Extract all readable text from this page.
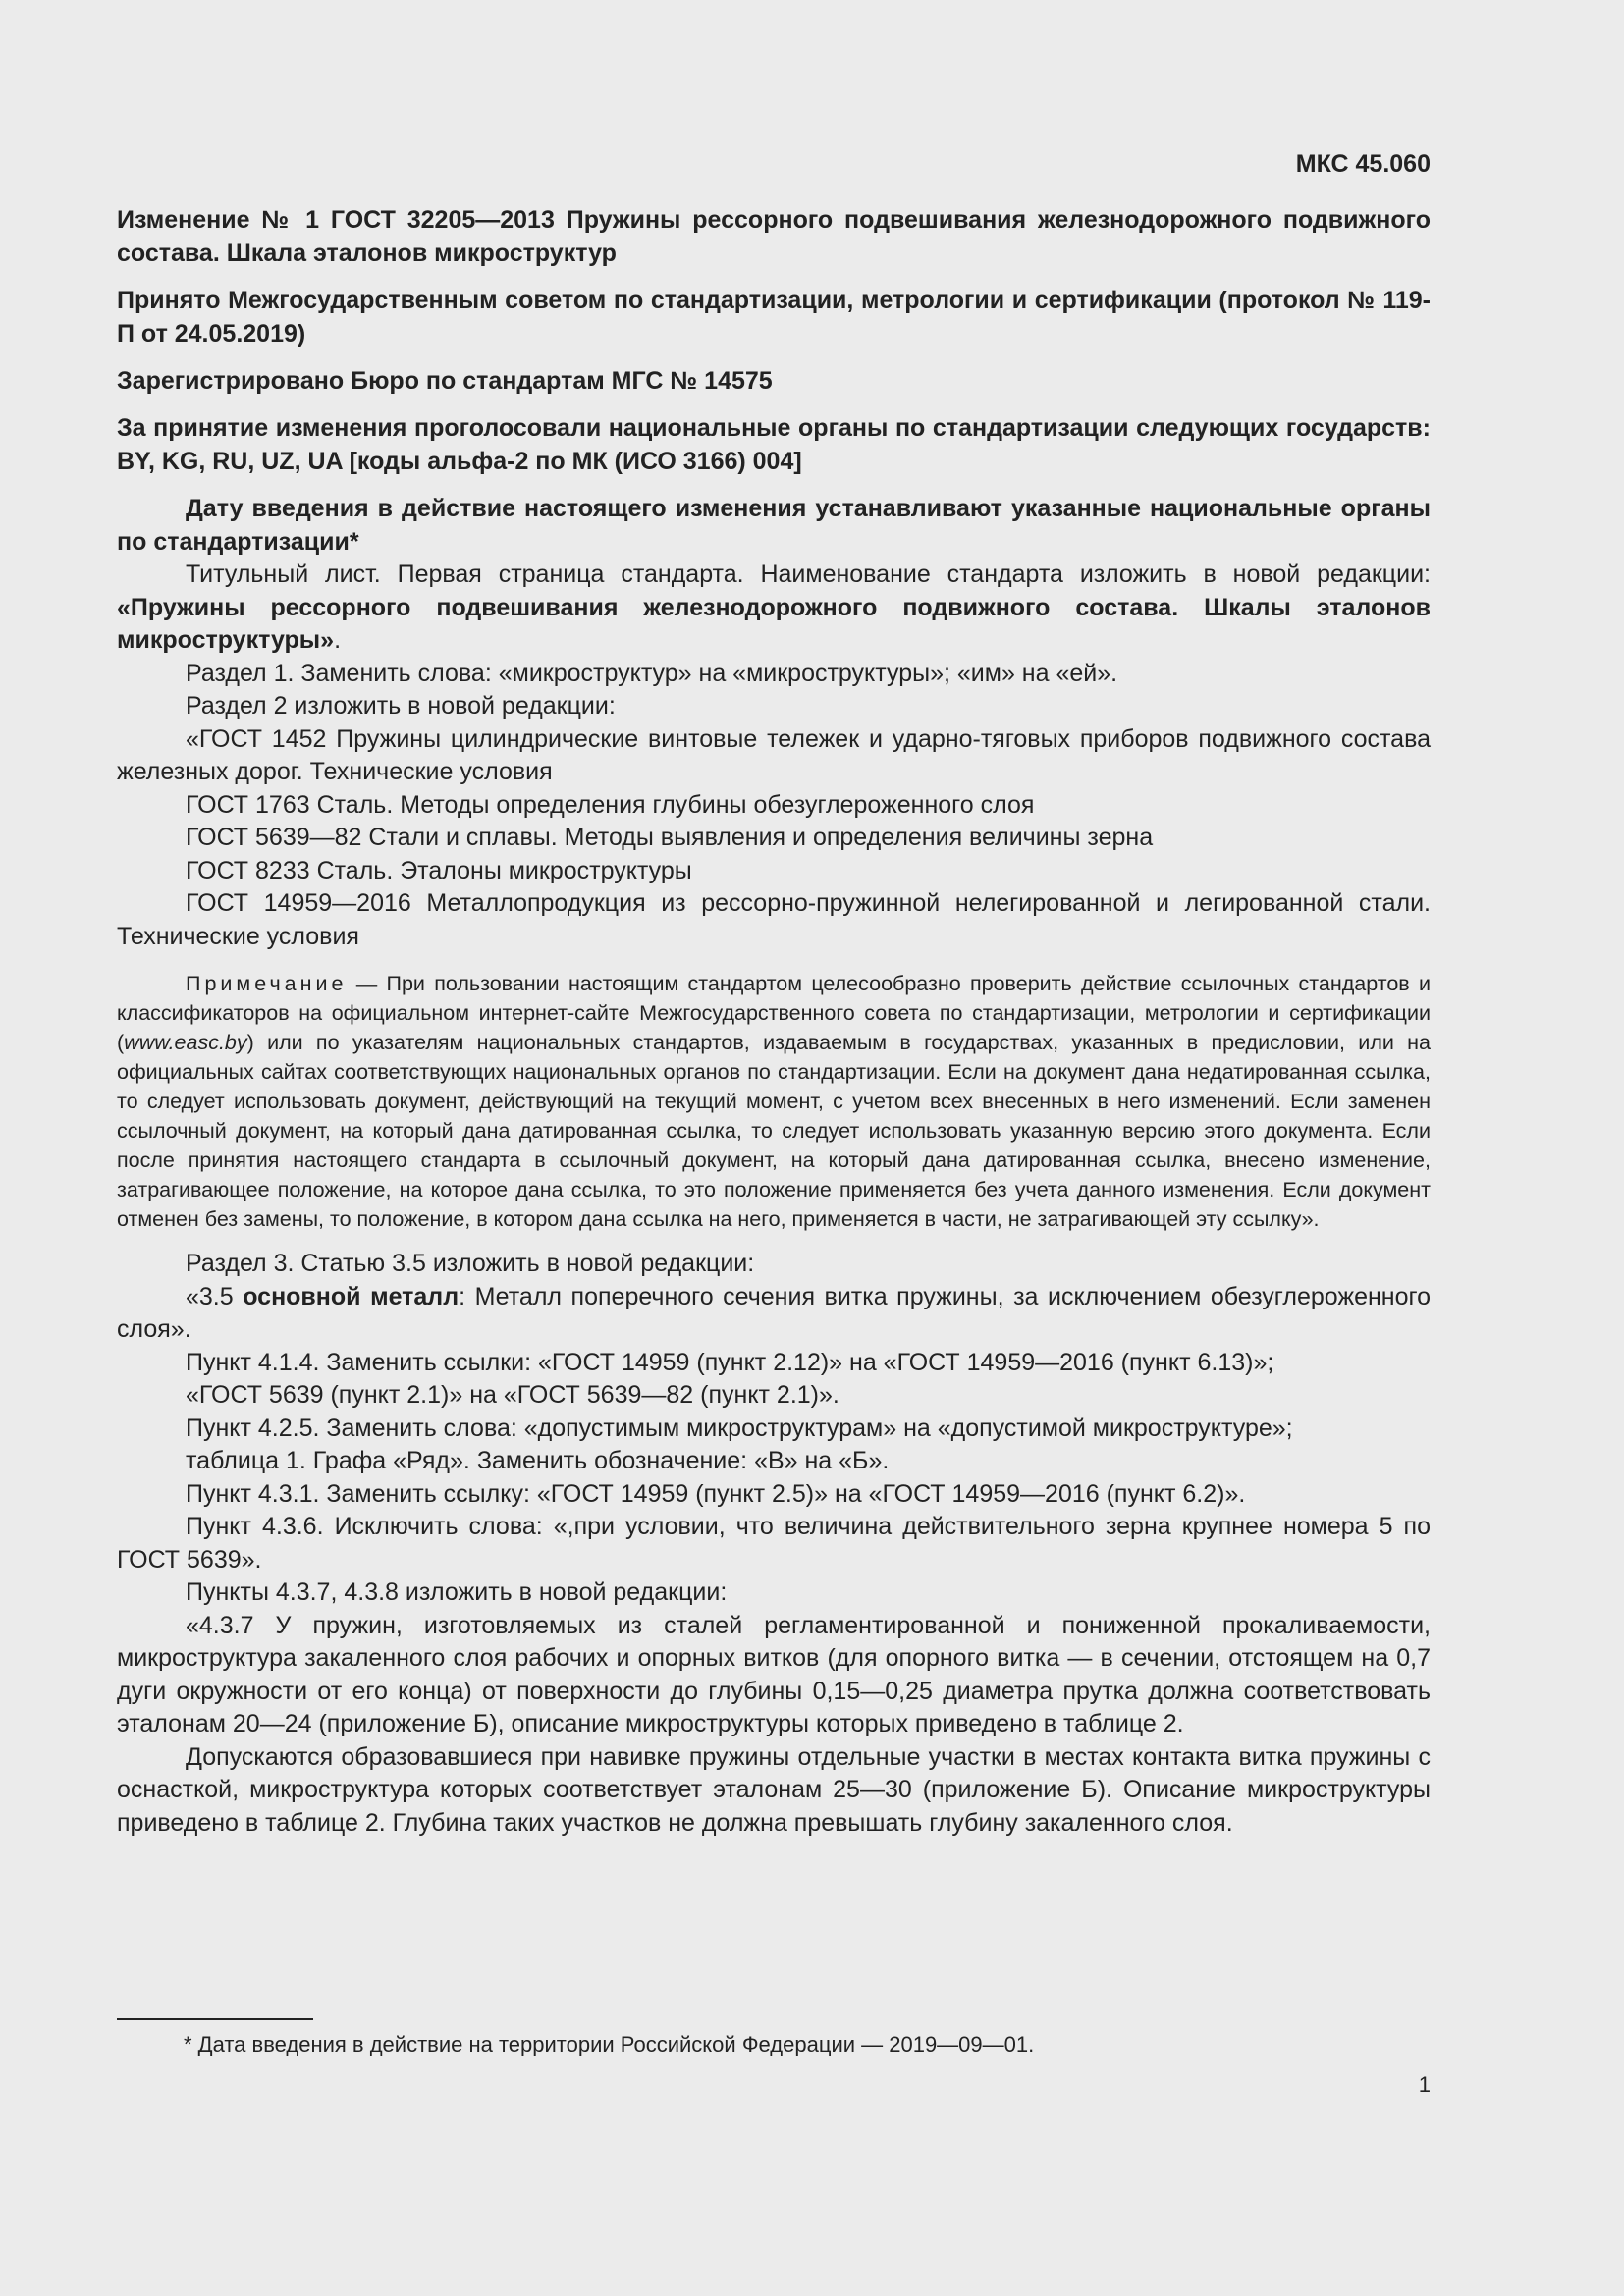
МКС 45.060
Изменение № 1 ГОСТ 32205—2013 Пружины рессорного подвешивания железнодорожного подвижного состава. Шкала эталонов микроструктур
Принято Межгосударственным советом по стандартизации, метрологии и сертификации (протокол № 119-П от 24.05.2019)
Зарегистрировано Бюро по стандартам МГС № 14575
За принятие изменения проголосовали национальные органы по стандартизации следующих государств: BY, KG, RU, UZ, UA [коды альфа-2 по МК (ИСО 3166) 004]
Дату введения в действие настоящего изменения устанавливают указанные национальные органы по стандартизации*

Титульный лист. Первая страница стандарта. Наименование стандарта изложить в новой редакции: «Пружины рессорного подвешивания железнодорожного подвижного состава. Шкалы эталонов микроструктуры».

Раздел 1. Заменить слова: «микроструктур» на «микроструктуры»; «им» на «ей».

Раздел 2 изложить в новой редакции:

«ГОСТ 1452 Пружины цилиндрические винтовые тележек и ударно-тяговых приборов подвижного состава железных дорог. Технические условия

ГОСТ 1763 Сталь. Методы определения глубины обезуглероженного слоя

ГОСТ 5639—82 Стали и сплавы. Методы выявления и определения величины зерна

ГОСТ 8233 Сталь. Эталоны микроструктуры

ГОСТ 14959—2016 Металлопродукция из рессорно-пружинной нелегированной и легированной стали. Технические условия

Примечание — При пользовании настоящим стандартом целесообразно проверить действие ссылочных стандартов и классификаторов на официальном интернет-сайте Межгосударственного совета по стандартизации, метрологии и сертификации (www.easc.by) или по указателям национальных стандартов, издаваемым в государствах, указанных в предисловии, или на официальных сайтах соответствующих национальных органов по стандартизации. Если на документ дана недатированная ссылка, то следует использовать документ, действующий на текущий момент, с учетом всех внесенных в него изменений. Если заменен ссылочный документ, на который дана датированная ссылка, то следует использовать указанную версию этого документа. Если после принятия настоящего стандарта в ссылочный документ, на который дана датированная ссылка, внесено изменение, затрагивающее положение, на которое дана ссылка, то это положение применяется без учета данного изменения. Если документ отменен без замены, то положение, в котором дана ссылка на него, применяется в части, не затрагивающей эту ссылку».

Раздел 3. Статью 3.5 изложить в новой редакции:

«3.5 основной металл: Металл поперечного сечения витка пружины, за исключением обезуглероженного слоя».

Пункт 4.1.4. Заменить ссылки: «ГОСТ 14959 (пункт 2.12)» на «ГОСТ 14959—2016 (пункт 6.13)»;

«ГОСТ 5639 (пункт 2.1)» на «ГОСТ 5639—82 (пункт 2.1)».

Пункт 4.2.5. Заменить слова: «допустимым микроструктурам» на «допустимой микроструктуре»;

таблица 1. Графа «Ряд». Заменить обозначение: «В» на «Б».

Пункт 4.3.1. Заменить ссылку: «ГОСТ 14959 (пункт 2.5)» на «ГОСТ 14959—2016 (пункт 6.2)».

Пункт 4.3.6. Исключить слова: «,при условии, что величина действительного зерна крупнее номера 5 по ГОСТ 5639».

Пункты 4.3.7, 4.3.8 изложить в новой редакции:

«4.3.7 У пружин, изготовляемых из сталей регламентированной и пониженной прокаливаемости, микроструктура закаленного слоя рабочих и опорных витков (для опорного витка — в сечении, отстоящем на 0,7 дуги окружности от его конца) от поверхности до глубины 0,15—0,25 диаметра прутка должна соответствовать эталонам 20—24 (приложение Б), описание микроструктуры которых приведено в таблице 2.

Допускаются образовавшиеся при навивке пружины отдельные участки в местах контакта витка пружины с оснасткой, микроструктура которых соответствует эталонам 25—30 (приложение Б). Описание микроструктуры приведено в таблице 2. Глубина таких участков не должна превышать глубину закаленного слоя.

* Дата введения в действие на территории Российской Федерации — 2019—09—01.
1
